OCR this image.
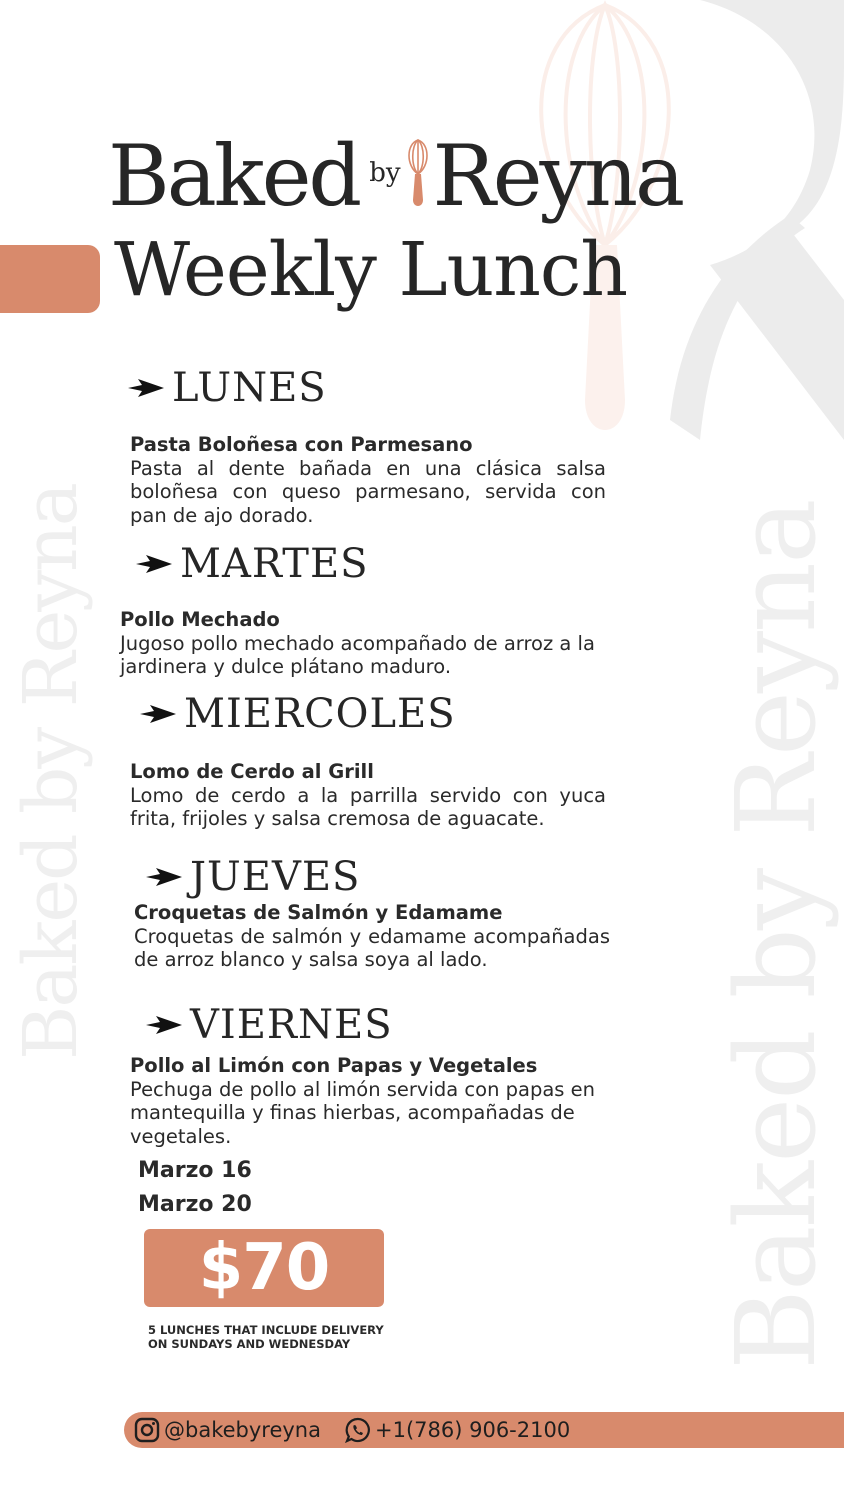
Baked by Reyna	Baked by Reyna
Baked by Reyna
Weekly Lunch
LUNES
Pasta Boloñesa con Parmesano
Pasta al dente bañada en una clásica salsa boloñesa con queso parmesano, servida con pan de ajo dorado.
MARTES
Pollo Mechado
Jugoso pollo mechado acompañado de arroz a la jardinera y dulce plátano maduro.
MIERCOLES
Lomo de Cerdo al Grill
Lomo de cerdo a la parrilla servido con yuca frita, frijoles y salsa cremosa de aguacate.
JUEVES
Croquetas de Salmón y Edamame
Croquetas de salmón y edamame acompañadas de arroz blanco y salsa soya al lado.
VIERNES
Pollo al Limón con Papas y Vegetales
Pechuga de pollo al limón servida con papas en mantequilla y finas hierbas, acompañadas de vegetales.
Marzo 16
Marzo 20
$70
5 LUNCHES THAT INCLUDE DELIVERY
ON SUNDAYS AND WEDNESDAY
@bakebyreyna	+1(786) 906-2100
